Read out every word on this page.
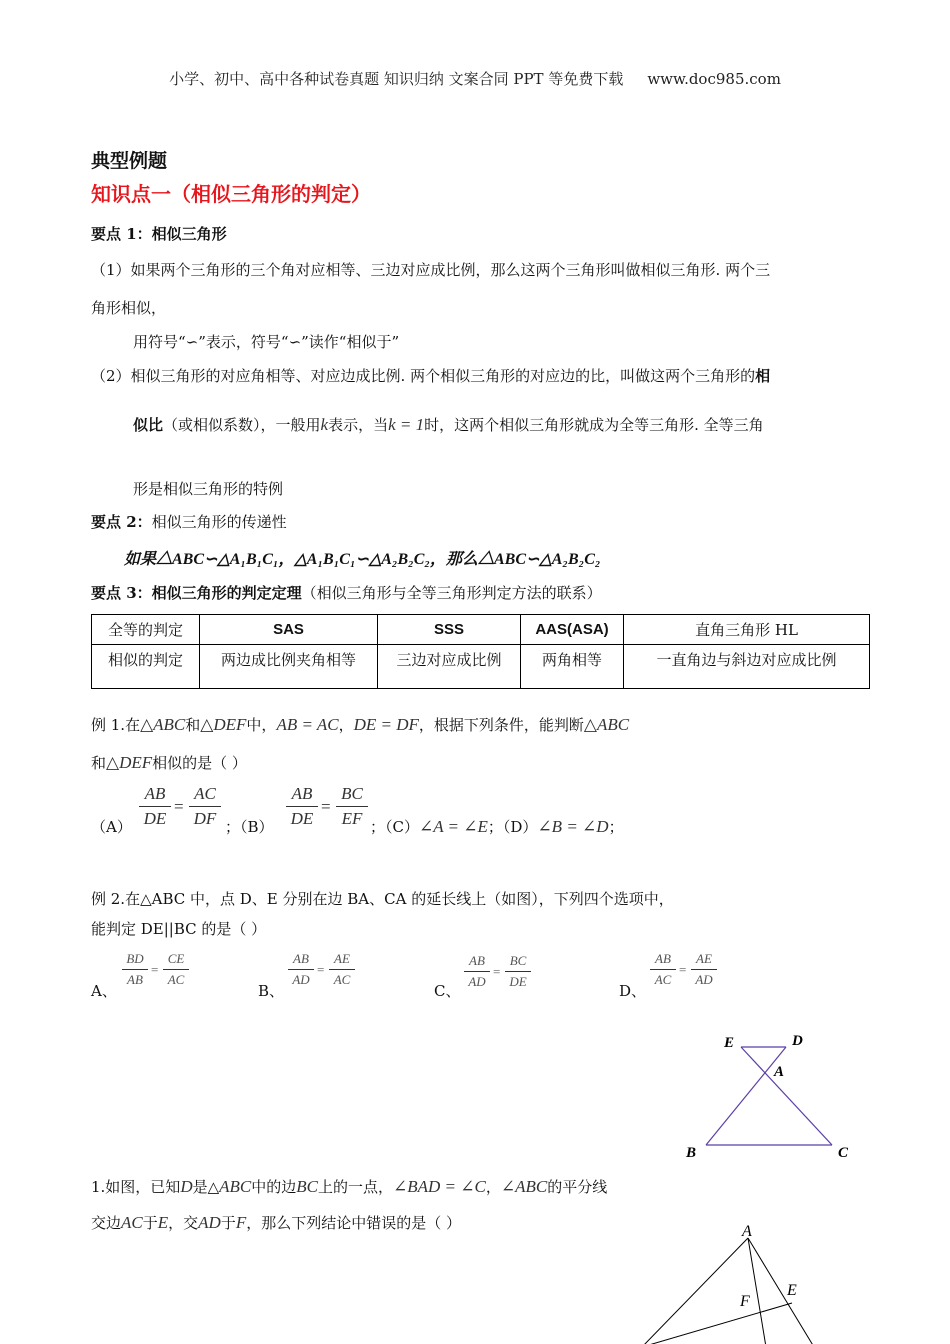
小学、初中、高中各种试卷真题 知识归纳 文案合同 PPT 等免费下载 www.doc985.com
典型例题
知识点一（相似三角形的判定）
要点 1：相似三角形
（1）如果两个三角形的三个角对应相等、三边对应成比例，那么这两个三角形叫做相似三角形. 两个三
角形相似，
用符号“∽”表示，符号“∽”读作“相似于”
（2）相似三角形的对应角相等、对应边成比例. 两个相似三角形的对应边的比，叫做这两个三角形的相
似比（或相似系数），一般用k表示，当k = 1时，这两个相似三角形就成为全等三角形. 全等三角
形是相似三角形的特例
要点 2：相似三角形的传递性
如果△ABC∽△A₁B₁C₁，△A₁B₁C₁∽△A₂B₂C₂，那么△ABC∽△A₂B₂C₂
要点 3：相似三角形的判定定理（相似三角形与全等三角形判定方法的联系）
全等的判定	SAS	SSS	AAS(ASA)	直角三角形 HL
相似的判定	两边成比例夹角相等	三边对应成比例	两角相等	一直角边与斜边对应成比例
例 1.在△ABC和△DEF中，AB = AC，DE = DF，根据下列条件，能判断△ABC
和△DEF相似的是（ ）
（A）
AB
DE
=
AC
DF ；（B）
AB
DE
=
BC
EF ；（C）∠A = ∠E；（D）∠B = ∠D；
例 2.在△ABC 中，点 D、E 分别在边 BA、CA 的延长线上（如图），下列四个选项中，
能判定 DE||BC 的是（ ）
A、
BD
AB
=
CE
AC
B、
AB
AD
=
AE
AC
C、
AB
AD
=
BC
DE
D、
AB
AC
=
AE
AD
E	D
A
B	C
1.如图，已知D是△ABC中的边BC上的一点，∠BAD = ∠C，∠ABC的平分线
交边AC于E，交AD于F，那么下列结论中错误的是（ ）	A
E
F
